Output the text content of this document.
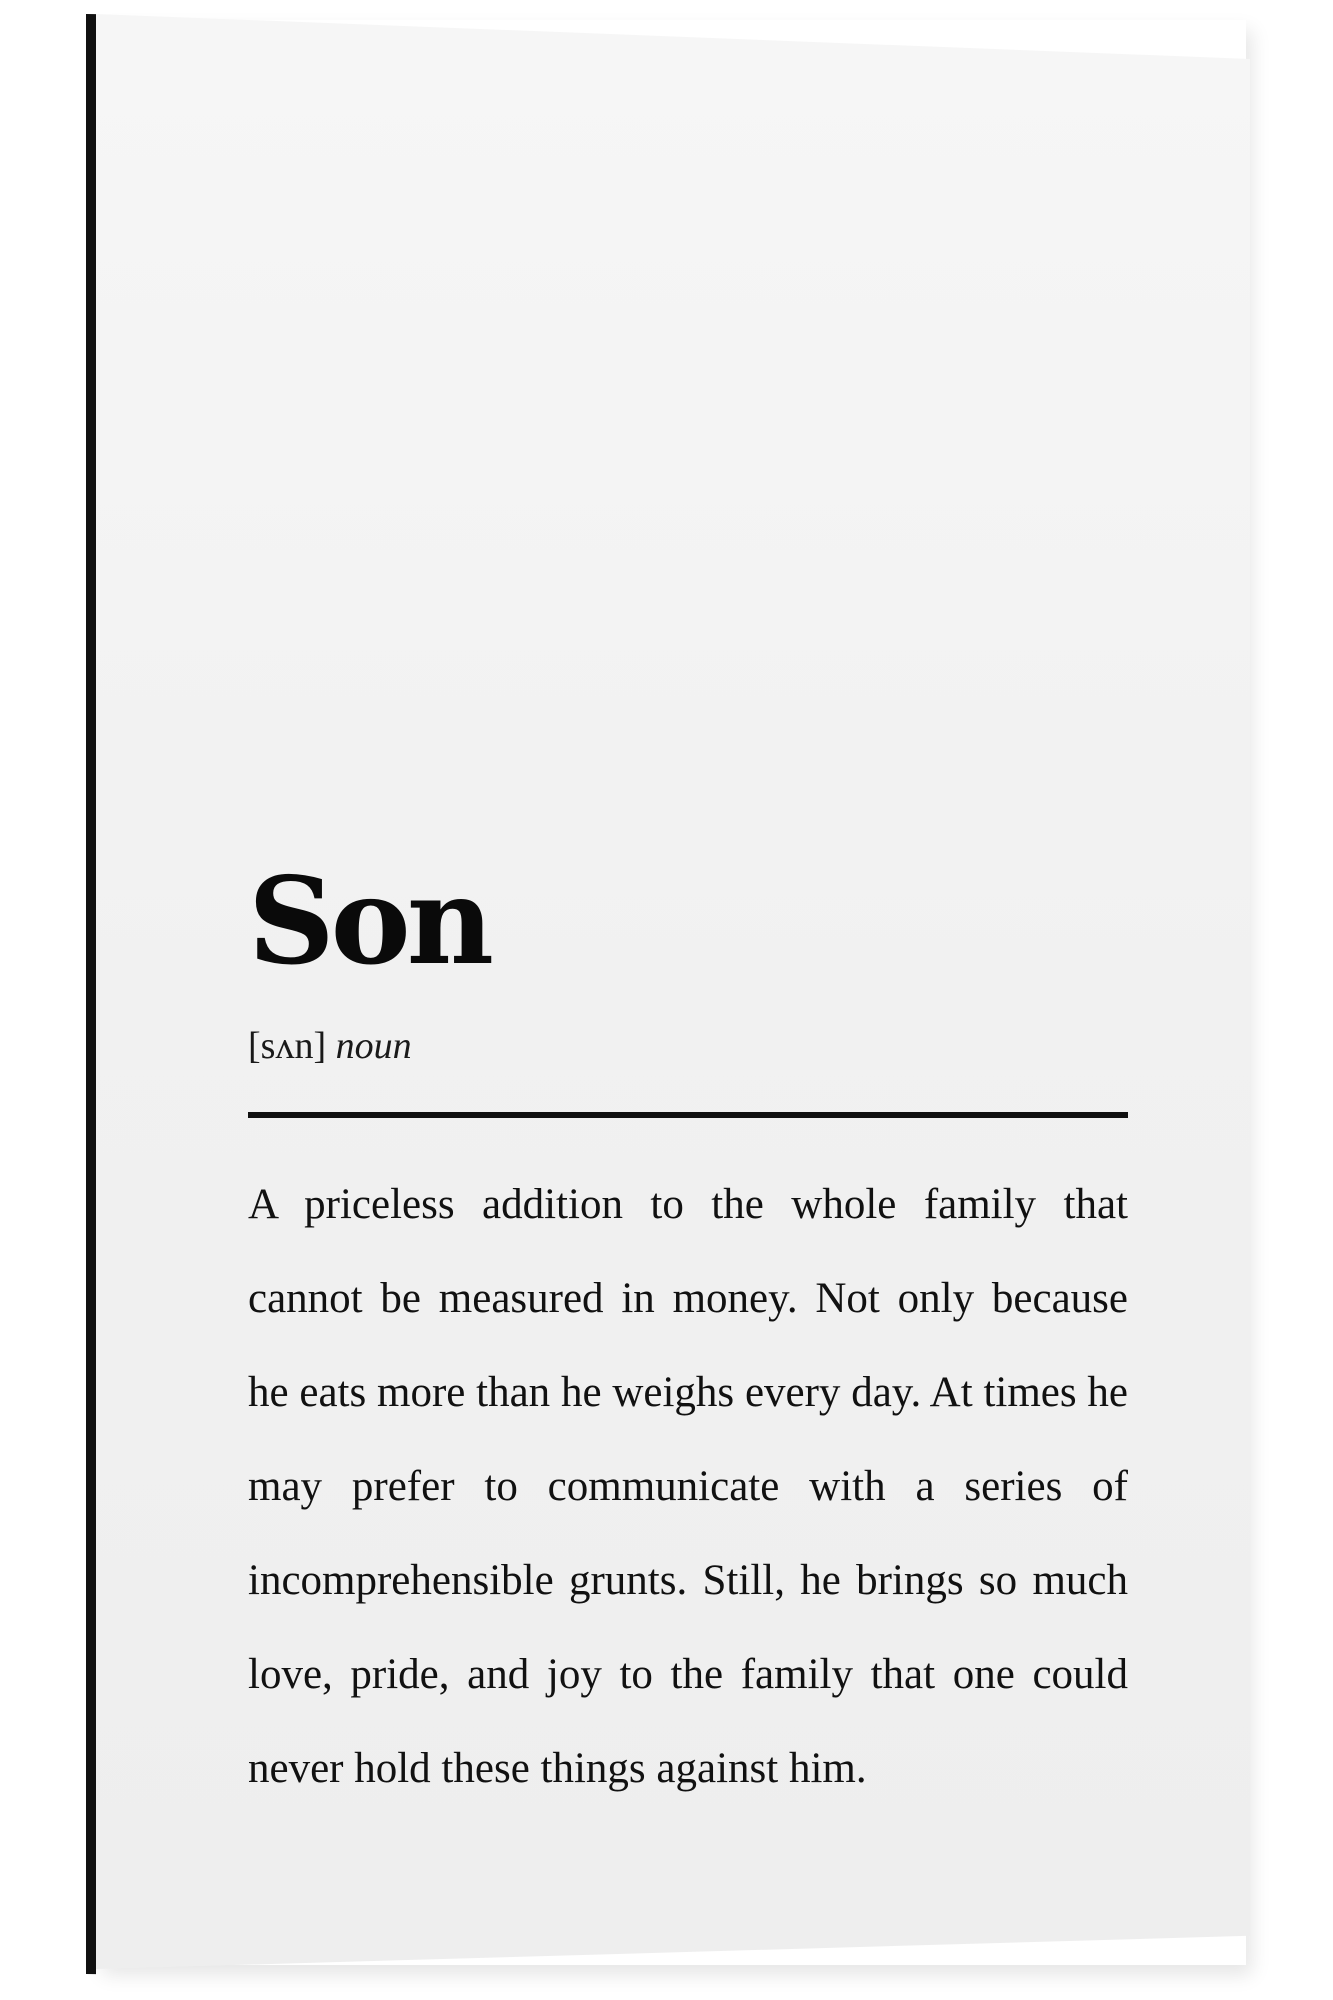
Son
[sʌn] noun

A priceless addition to the whole family that cannot be measured in money. Not only because he eats more than he weighs every day. At times he may prefer to communicate with a series of incomprehensible grunts. Still, he brings so much love, pride, and joy to the family that one could never hold these things against him.
